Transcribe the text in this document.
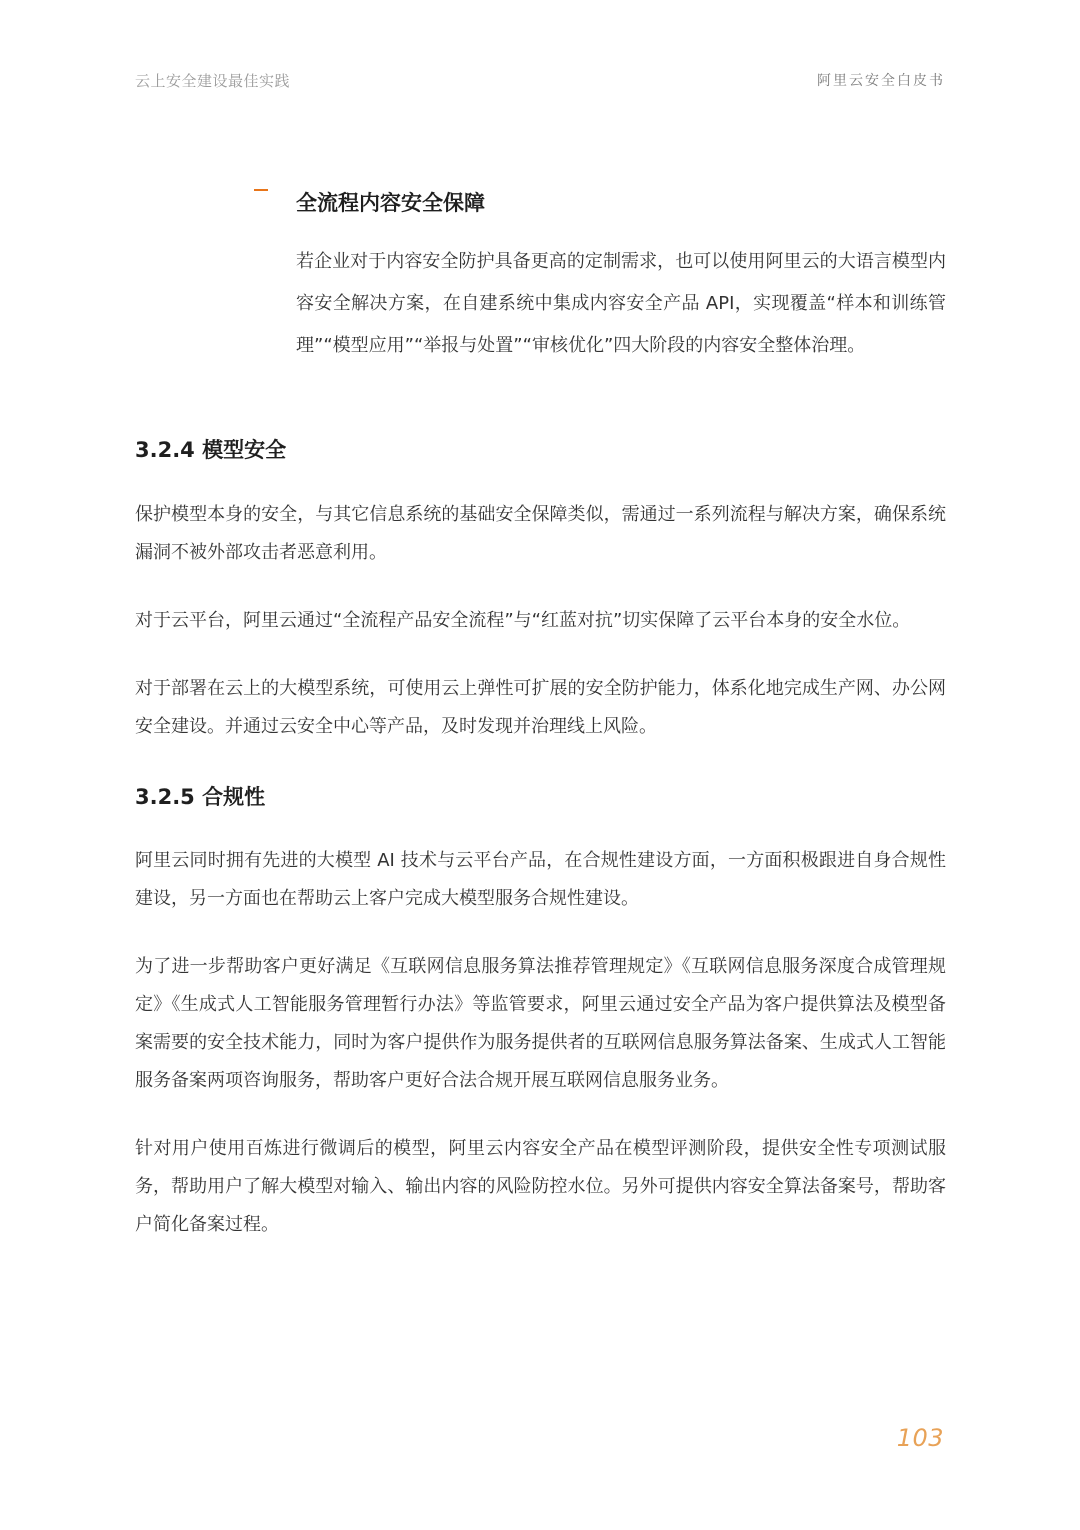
云上安全建设最佳实践	阿里云安全白皮书
全流程内容安全保障

若企业对于内容安全防护具备更高的定制需求，也可以使用阿里云的大语言模型内容安全解决方案，在自建系统中集成内容安全产品 API，实现覆盖“样本和训练管理”“模型应用”“举报与处置”“审核优化”四大阶段的内容安全整体治理。

3.2.4 模型安全

保护模型本身的安全，与其它信息系统的基础安全保障类似，需通过一系列流程与解决方案，确保系统漏洞不被外部攻击者恶意利用。

对于云平台，阿里云通过“全流程产品安全流程”与“红蓝对抗”切实保障了云平台本身的安全水位。

对于部署在云上的大模型系统，可使用云上弹性可扩展的安全防护能力，体系化地完成生产网、办公网安全建设。并通过云安全中心等产品，及时发现并治理线上风险。

3.2.5 合规性

阿里云同时拥有先进的大模型 AI 技术与云平台产品，在合规性建设方面，一方面积极跟进自身合规性建设，另一方面也在帮助云上客户完成大模型服务合规性建设。

为了进一步帮助客户更好满足《互联网信息服务算法推荐管理规定》《互联网信息服务深度合成管理规定》《生成式人工智能服务管理暂行办法》等监管要求，阿里云通过安全产品为客户提供算法及模型备案需要的安全技术能力，同时为客户提供作为服务提供者的互联网信息服务算法备案、生成式人工智能服务备案两项咨询服务，帮助客户更好合法合规开展互联网信息服务业务。

针对用户使用百炼进行微调后的模型，阿里云内容安全产品在模型评测阶段，提供安全性专项测试服务，帮助用户了解大模型对输入、输出内容的风险防控水位。另外可提供内容安全算法备案号，帮助客户简化备案过程。

103
